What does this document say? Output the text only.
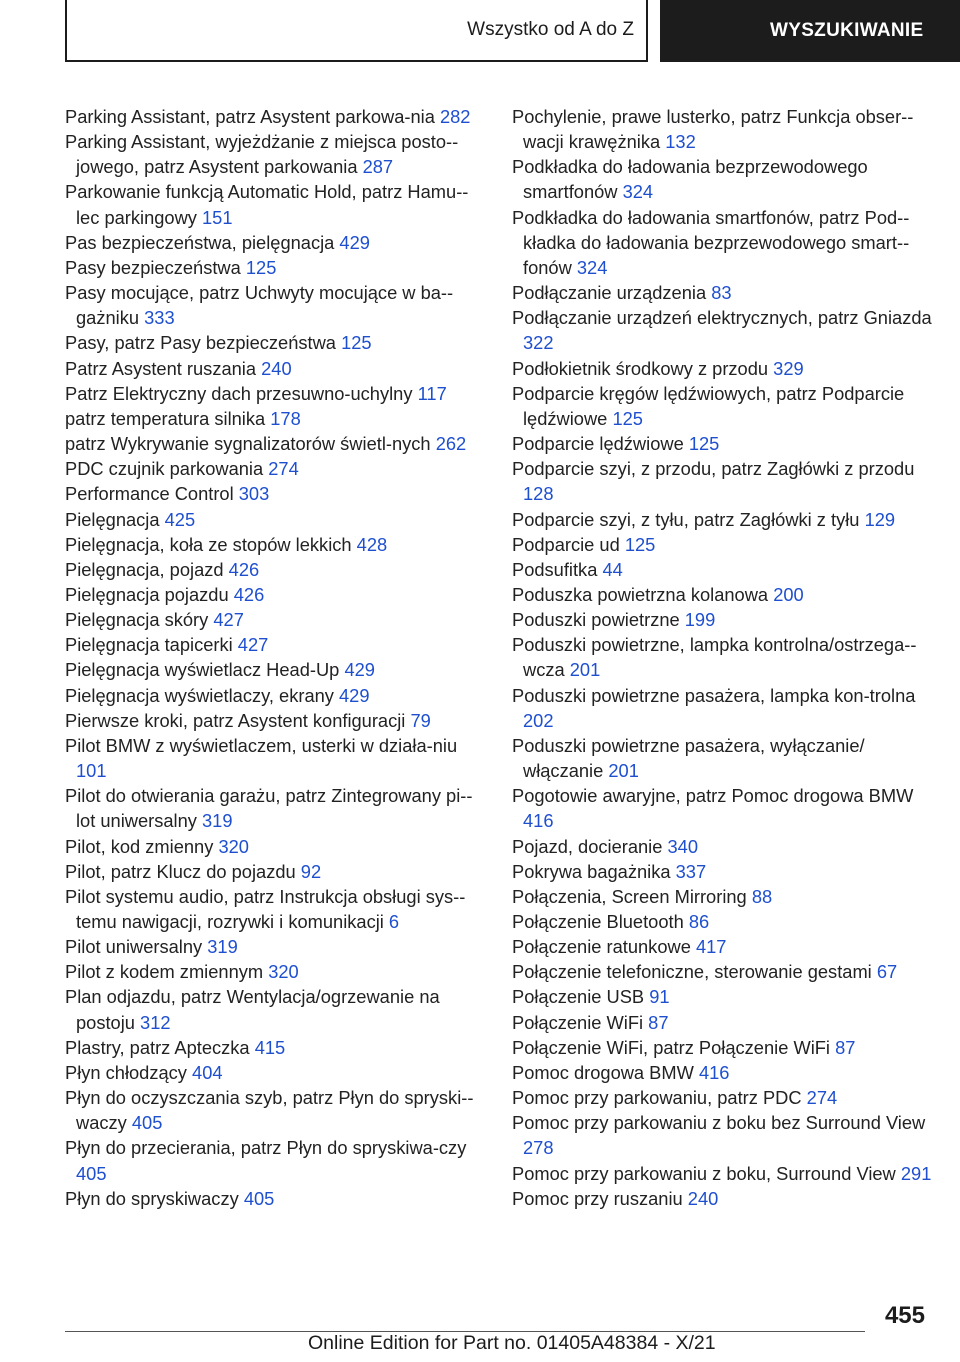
Wszystko od A do Z	WYSZUKIWANIE
Parking Assistant, patrz Asystent parkowa-nia 282
Parking Assistant, wyjeżdżanie z miejsca posto-jowego, patrz Asystent parkowania 287
Parkowanie funkcją Automatic Hold, patrz Hamu-lec parkingowy 151
Pas bezpieczeństwa, pielęgnacja 429
Pasy bezpieczeństwa 125
Pasy mocujące, patrz Uchwyty mocujące w ba-gażniku 333
Pasy, patrz Pasy bezpieczeństwa 125
Patrz Asystent ruszania 240
Patrz Elektryczny dach przesuwno-uchylny 117
patrz temperatura silnika 178
patrz Wykrywanie sygnalizatorów świetl-nych 262
PDC czujnik parkowania 274
Performance Control 303
Pielęgnacja 425
Pielęgnacja, koła ze stopów lekkich 428
Pielęgnacja, pojazd 426
Pielęgnacja pojazdu 426
Pielęgnacja skóry 427
Pielęgnacja tapicerki 427
Pielęgnacja wyświetlacz Head-Up 429
Pielęgnacja wyświetlaczy, ekrany 429
Pierwsze kroki, patrz Asystent konfiguracji 79
Pilot BMW z wyświetlaczem, usterki w działa-niu 101
Pilot do otwierania garażu, patrz Zintegrowany pi-lot uniwersalny 319
Pilot, kod zmienny 320
Pilot, patrz Klucz do pojazdu 92
Pilot systemu audio, patrz Instrukcja obsługi sys-temu nawigacji, rozrywki i komunikacji 6
Pilot uniwersalny 319
Pilot z kodem zmiennym 320
Plan odjazdu, patrz Wentylacja/ogrzewanie na postoju 312
Plastry, patrz Apteczka 415
Płyn chłodzący 404
Płyn do oczyszczania szyb, patrz Płyn do spryski-waczy 405
Płyn do przecierania, patrz Płyn do spryskiwa-czy 405
Płyn do spryskiwaczy 405
Pochylenie, prawe lusterko, patrz Funkcja obser-wacji krawężnika 132
Podkładka do ładowania bezprzewodowego smartfonów 324
Podkładka do ładowania smartfonów, patrz Pod-kładka do ładowania bezprzewodowego smart-fonów 324
Podłączanie urządzenia 83
Podłączanie urządzeń elektrycznych, patrz Gniazda 322
Podłokietnik środkowy z przodu 329
Podparcie kręgów lędźwiowych, patrz Podparcie lędźwiowe 125
Podparcie lędźwiowe 125
Podparcie szyi, z przodu, patrz Zagłówki z przodu 128
Podparcie szyi, z tyłu, patrz Zagłówki z tyłu 129
Podparcie ud 125
Podsufitka 44
Poduszka powietrzna kolanowa 200
Poduszki powietrzne 199
Poduszki powietrzne, lampka kontrolna/ostrzega-wcza 201
Poduszki powietrzne pasażera, lampka kon-trolna 202
Poduszki powietrzne pasażera, wyłączanie/​włączanie 201
Pogotowie awaryjne, patrz Pomoc drogowa BMW 416
Pojazd, docieranie 340
Pokrywa bagażnika 337
Połączenia, Screen Mirroring 88
Połączenie Bluetooth 86
Połączenie ratunkowe 417
Połączenie telefoniczne, sterowanie gestami 67
Połączenie USB 91
Połączenie WiFi 87
Połączenie WiFi, patrz Połączenie WiFi 87
Pomoc drogowa BMW 416
Pomoc przy parkowaniu, patrz PDC 274
Pomoc przy parkowaniu z boku bez Surround View 278
Pomoc przy parkowaniu z boku, Surround View 291
Pomoc przy ruszaniu 240
455
Online Edition for Part no. 01405A48384 - X/21
